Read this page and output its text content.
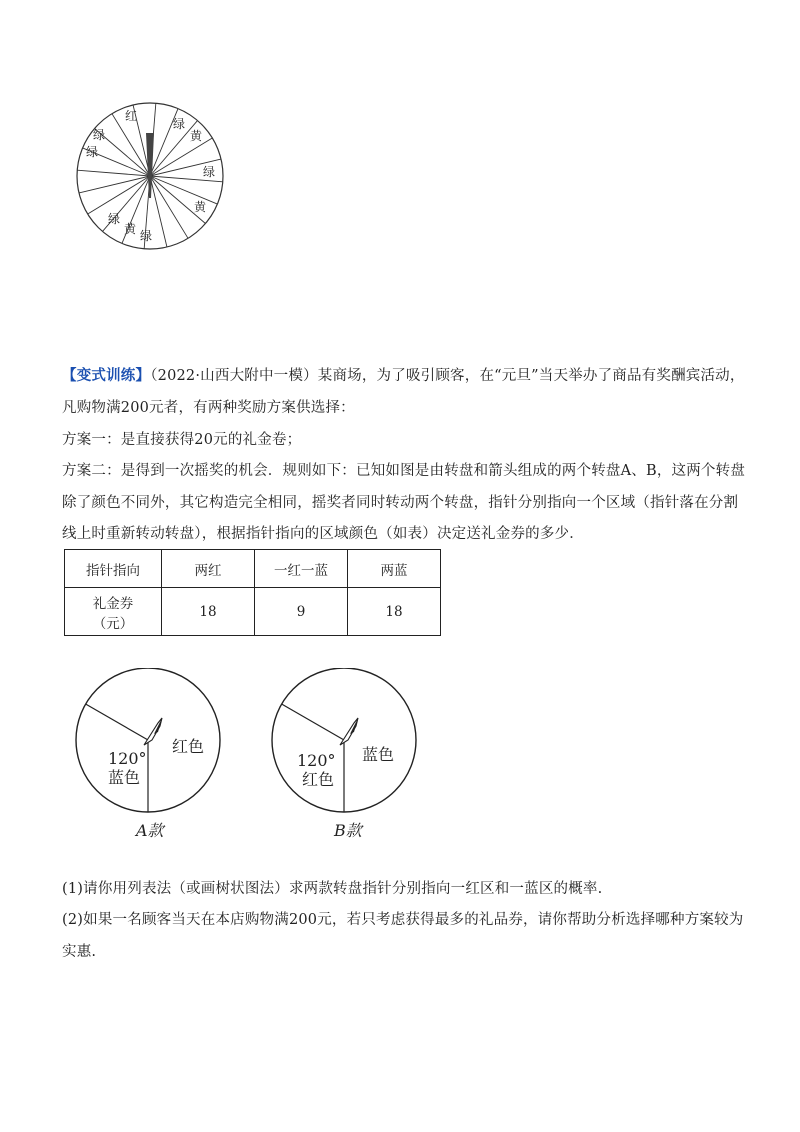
红
绿	黄
绿
绿
黄
绿
黄
绿
绿
【变式训练】（2022·山西大附中一模）某商场，为了吸引顾客，在“元旦”当天举办了商品有奖酬宾活动，
凡购物满200元者，有两种奖励方案供选择：
方案一：是直接获得20元的礼金卷；
方案二：是得到一次摇奖的机会．规则如下：已知如图是由转盘和箭头组成的两个转盘A、B，这两个转盘
除了颜色不同外，其它构造完全相同，摇奖者同时转动两个转盘，指针分别指向一个区域（指针落在分割
线上时重新转动转盘），根据指针指向的区域颜色（如表）决定送礼金券的多少．
指针指向	两红	一红一蓝	两蓝

礼金券
（元）	18	9	18
120°
蓝色
红色
A款
120°
红色
蓝色
B款
(1)请你用列表法（或画树状图法）求两款转盘指针分别指向一红区和一蓝区的概率.
(2)如果一名顾客当天在本店购物满200元，若只考虑获得最多的礼品券，请你帮助分析选择哪种方案较为
实惠.
